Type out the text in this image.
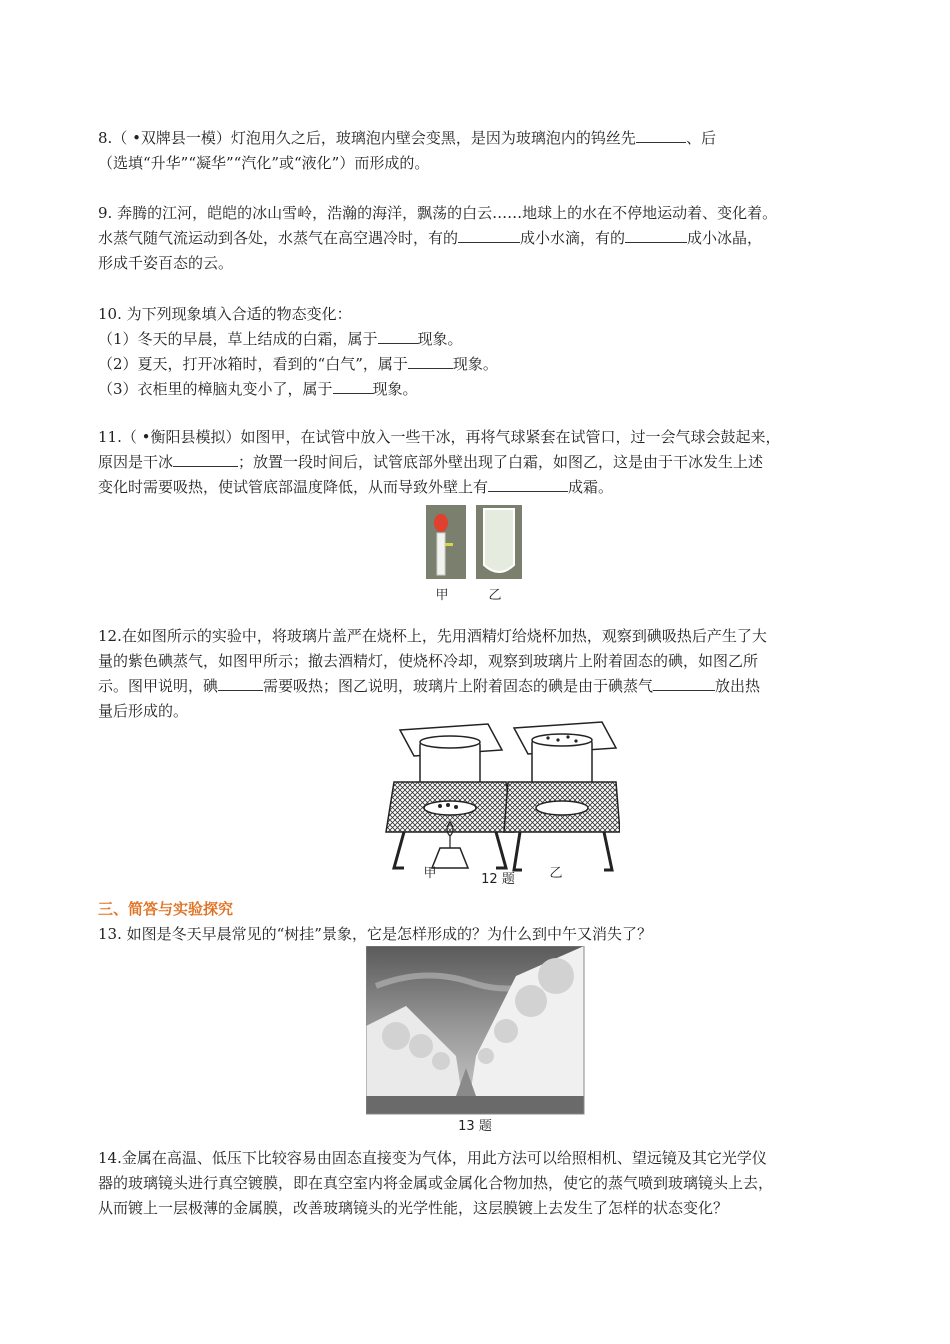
8.（ •双牌县一模）灯泡用久之后，玻璃泡内壁会变黑，是因为玻璃泡内的钨丝先	、后
（选填“升华”“凝华”“汽化”或“液化”）而形成的。
9. 奔腾的江河，皑皑的冰山雪岭，浩瀚的海洋，飘荡的白云……地球上的水在不停地运动着、变化着。
水蒸气随气流运动到各处，水蒸气在高空遇冷时，有的	成小水滴，有的	成小冰晶，
形成千姿百态的云。
10. 为下列现象填入合适的物态变化：
（1）冬天的早晨，草上结成的白霜，属于	现象。
（2）夏天，打开冰箱时，看到的“白气”，属于	现象。
（3）衣柜里的樟脑丸变小了，属于	现象。
11.（ •衡阳县模拟）如图甲，在试管中放入一些干冰，再将气球紧套在试管口，过一会气球会鼓起来，
原因是干冰	；放置一段时间后，试管底部外壁出现了白霜，如图乙，这是由于干冰发生上述
变化时需要吸热，使试管底部温度降低，从而导致外壁上有	成霜。
甲	乙
12.在如图所示的实验中，将玻璃片盖严在烧杯上，先用酒精灯给烧杯加热，观察到碘吸热后产生了大
量的紫色碘蒸气，如图甲所示；撤去酒精灯，使烧杯冷却，观察到玻璃片上附着固态的碘，如图乙所
示。图甲说明，碘	需要吸热；图乙说明，玻璃片上附着固态的碘是由于碘蒸气	放出热
量后形成的。
甲	12 题	乙
三、简答与实验探究
13. 如图是冬天早晨常见的“树挂”景象，它是怎样形成的？为什么到中午又消失了？
13 题
14.金属在高温、低压下比较容易由固态直接变为气体，用此方法可以给照相机、望远镜及其它光学仪
器的玻璃镜头进行真空镀膜，即在真空室内将金属或金属化合物加热，使它的蒸气喷到玻璃镜头上去，
从而镀上一层极薄的金属膜，改善玻璃镜头的光学性能，这层膜镀上去发生了怎样的状态变化？
